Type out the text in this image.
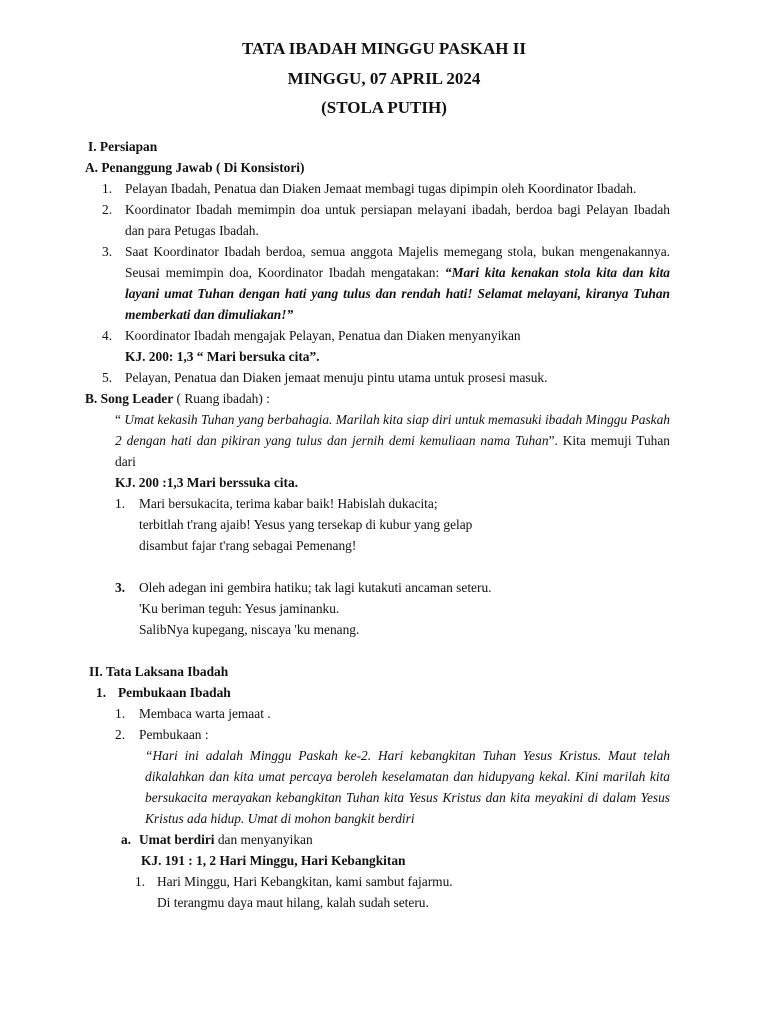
TATA IBADAH MINGGU PASKAH II
MINGGU, 07 APRIL 2024
(STOLA PUTIH)
I. Persiapan
A. Penanggung Jawab ( Di Konsistori)
1. Pelayan Ibadah, Penatua dan Diaken Jemaat membagi tugas dipimpin oleh Koordinator Ibadah.
2. Koordinator Ibadah memimpin doa untuk persiapan melayani ibadah, berdoa bagi Pelayan Ibadah dan para Petugas Ibadah.
3. Saat Koordinator Ibadah berdoa, semua anggota Majelis memegang stola, bukan mengenakannya. Seusai memimpin doa, Koordinator Ibadah mengatakan: “Mari kita kenakan stola kita dan kita layani umat Tuhan dengan hati yang tulus dan rendah hati! Selamat melayani, kiranya Tuhan memberkati dan dimuliakan!”
4. Koordinator Ibadah mengajak Pelayan, Penatua dan Diaken menyanyikan
KJ. 200: 1,3 “ Mari bersuka cita”.
5. Pelayan, Penatua dan Diaken jemaat menuju pintu utama untuk prosesi masuk.
B. Song Leader ( Ruang ibadah) :
“ Umat kekasih Tuhan yang berbahagia. Marilah kita siap diri untuk memasuki ibadah Minggu Paskah 2 dengan hati dan pikiran yang tulus dan jernih demi kemuliaan nama Tuhan”. Kita memuji Tuhan dari
KJ. 200 :1,3 Mari berssuka cita.
1.	Mari bersukacita, terima kabar baik! Habislah dukacita;
terbitlah t'rang ajaib! Yesus yang tersekap di kubur yang gelap
disambut fajar t'rang sebagai Pemenang!
3.	Oleh adegan ini gembira hatiku; tak lagi kutakuti ancaman seteru.
'Ku beriman teguh: Yesus jaminanku.
SalibNya kupegang, niscaya 'ku menang.
II. Tata Laksana Ibadah
1. Pembukaan Ibadah
1.	Membaca warta jemaat .
2.	Pembukaan :
“Hari ini adalah Minggu Paskah ke-2. Hari kebangkitan Tuhan Yesus Kristus. Maut telah dikalahkan dan kita umat percaya beroleh keselamatan dan hidupyang kekal. Kini marilah kita bersukacita merayakan kebangkitan Tuhan kita Yesus Kristus dan kita meyakini di dalam Yesus Kristus ada hidup. Umat di mohon bangkit berdiri
a. Umat berdiri dan menyanyikan
KJ. 191 : 1, 2 Hari Minggu, Hari Kebangkitan
1. Hari Minggu, Hari Kebangkitan, kami sambut fajarmu.
Di terangmu daya maut hilang, kalah sudah seteru.
